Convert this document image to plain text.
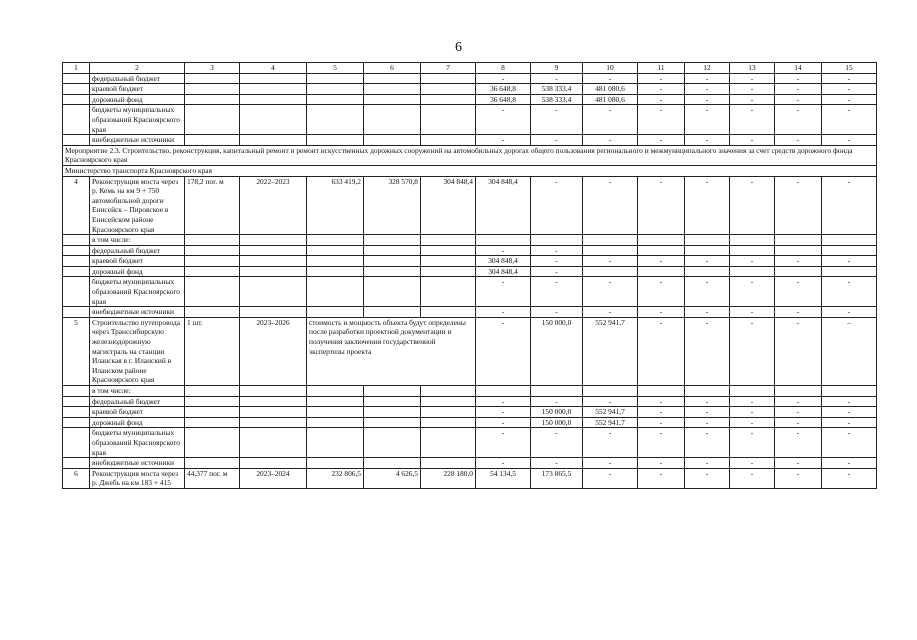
6
1	2	3	4	5	6	7	8	9	10	11	12	13	14	15
	федеральный бюджет						-	-	-	-	-	-	-	-
	краевой бюджет						36 648,8	538 333,4	481 080,6	-	-	-	-	-
	дорожный фонд						36 648,8	538 333,4	481 080,6	-	-	-	-	-
	бюджеты муниципальных образований Красноярского края						-	-	-	-	-	-	-	-
	внебюджетные источники						-	-	-	-	-	-	-	-
Мероприятие 2.3. Строительство, реконструкция, капитальный ремонт и ремонт искусственных дорожных сооружений на автомобильных дорогах общего пользования регионального и межмуниципального значения за счет средств дорожного фонда Красноярского края														
Министерство транспорта Красноярского края														
4	Реконструкция моста через р. Кемь на км 9 + 750 автомобильной дороги Енисейск – Пировское в Енисейском районе Красноярского края	178,2 пог. м	2022–2023	633 419,2	328 570,8	304 848,4	304 848,4	-	-	-	-	-	-	-
	в том числе:													
	федеральный бюджет						-	-						
	краевой бюджет						304 848,4	-	-	-	-	-	-	-
	дорожный фонд						304 848,4	-						
	бюджеты муниципальных образований Красноярского края						-	-	-	-	-	-	-	-
	внебюджетные источники						-	-	-	-	-	-	-	-
5	Строительство путепровода через Транссибирскую железнодорожную магистраль на станции Иланская в г. Иланский в Иланском районе Красноярского края	1 шт.	2023–2026	стоимость и мощность объекта будут определены после разработки проектной документации и получения заключения государственной экспертизы проекта			-	150 000,0	552 941,7	-	-	-	-	–
	в том числе:													
	федеральный бюджет						-	-	-	-	-	-	-	-
	краевой бюджет						-	150 000,0	552 941,7	-	-	-	-	-
	дорожный фонд						-	150 000,0	552 941,7	-	-	-	-	-
	бюджеты муниципальных образований Красноярского края						-	-	-	-	-	-	-	-
	внебюджетные источники						-	-	-	-	-	-	-	-
6	Реконструкция моста через р. Джебь на км 183 + 415	44,377 пог. м	2023–2024	232 806,5	4 626,5	228 180,0	54 134,5	173 865,5	-	-	-	-	-	-
